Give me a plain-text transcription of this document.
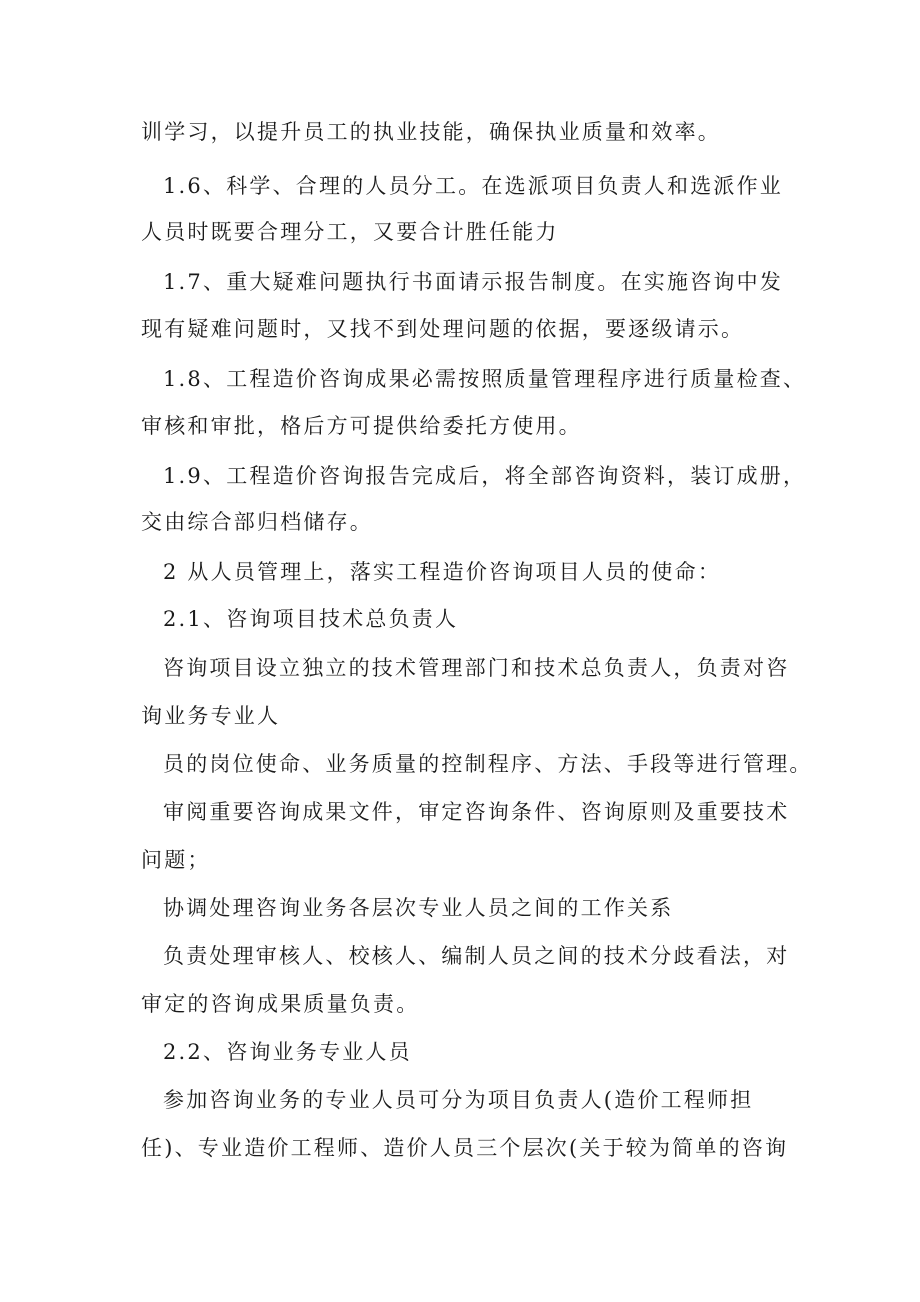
训学习，以提升员工的执业技能，确保执业质量和效率。
1.6、科学、合理的人员分工。在选派项目负责人和选派作业
人员时既要合理分工，又要合计胜任能力
1.7、重大疑难问题执行书面请示报告制度。在实施咨询中发
现有疑难问题时，又找不到处理问题的依据，要逐级请示。
1.8、工程造价咨询成果必需按照质量管理程序进行质量检查、
审核和审批，格后方可提供给委托方使用。
1.9、工程造价咨询报告完成后，将全部咨询资料，装订成册，
交由综合部归档储存。
2 从人员管理上，落实工程造价咨询项目人员的使命：
2.1、咨询项目技术总负责人
咨询项目设立独立的技术管理部门和技术总负责人，负责对咨
询业务专业人
员的岗位使命、业务质量的控制程序、方法、手段等进行管理。
审阅重要咨询成果文件，审定咨询条件、咨询原则及重要技术
问题；
协调处理咨询业务各层次专业人员之间的工作关系
负责处理审核人、校核人、编制人员之间的技术分歧看法，对
审定的咨询成果质量负责。
2.2、咨询业务专业人员
参加咨询业务的专业人员可分为项目负责人(造价工程师担
任)、专业造价工程师、造价人员三个层次(关于较为简单的咨询
